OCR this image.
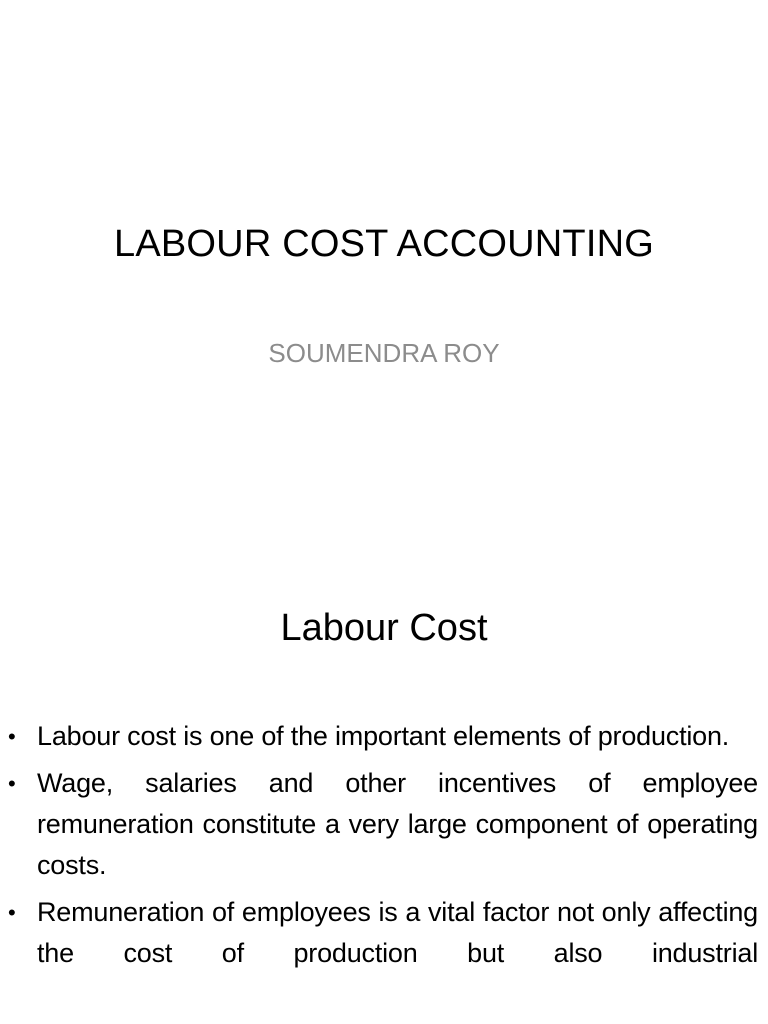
LABOUR COST ACCOUNTING
SOUMENDRA ROY
Labour Cost
• Labour cost is one of the important elements of production.
• Wage, salaries and other incentives of employee remuneration constitute a very large component of operating costs.
• Remuneration of employees is a vital factor not only affecting the cost of production but also industrial
